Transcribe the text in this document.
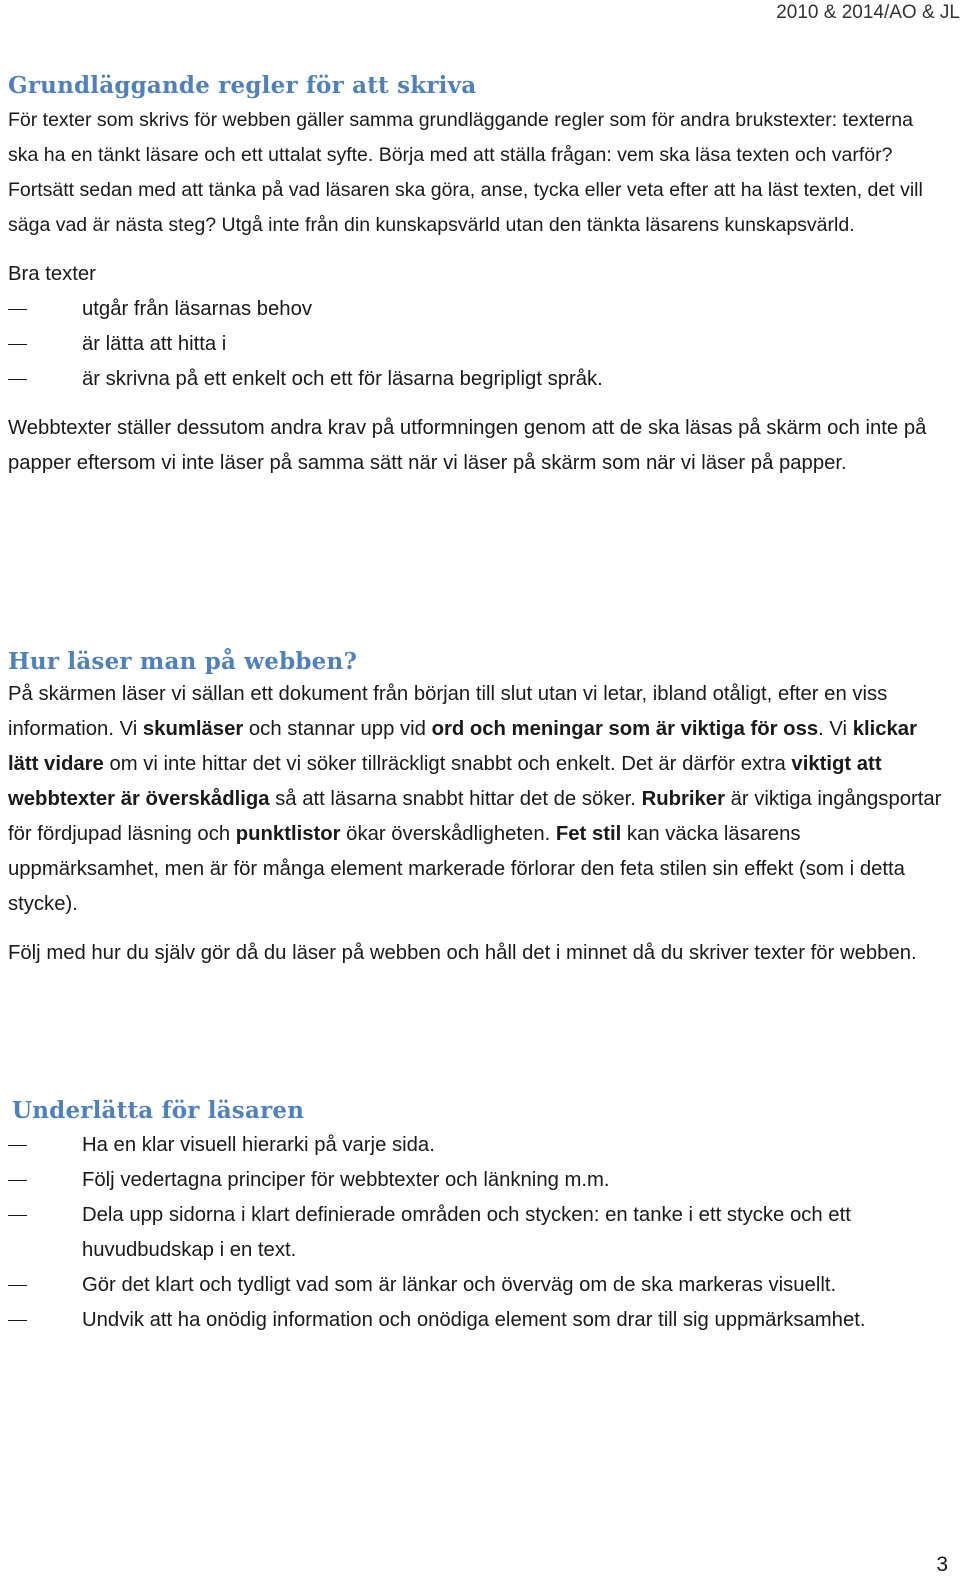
2010 & 2014/AO & JL
Grundläggande regler för att skriva

För texter som skrivs för webben gäller samma grundläggande regler som för andra brukstexter: texterna ska ha en tänkt läsare och ett uttalat syfte. Börja med att ställa frågan: vem ska läsa texten och varför? Fortsätt sedan med att tänka på vad läsaren ska göra, anse, tycka eller veta efter att ha läst texten, det vill säga vad är nästa steg? Utgå inte från din kunskapsvärld utan den tänkta läsarens kunskapsvärld.

Bra texter

utgår från läsarnas behov
är lätta att hitta i
är skrivna på ett enkelt och ett för läsarna begripligt språk.

Webbtexter ställer dessutom andra krav på utformningen genom att de ska läsas på skärm och inte på papper eftersom vi inte läser på samma sätt när vi läser på skärm som när vi läser på papper.

Hur läser man på webben?

På skärmen läser vi sällan ett dokument från början till slut utan vi letar, ibland otåligt, efter en viss information. Vi skumläser och stannar upp vid ord och meningar som är viktiga för oss. Vi klickar lätt vidare om vi inte hittar det vi söker tillräckligt snabbt och enkelt. Det är därför extra viktigt att webbtexter är överskådliga så att läsarna snabbt hittar det de söker. Rubriker är viktiga ingångsportar för fördjupad läsning och punktlistor ökar överskådligheten. Fet stil kan väcka läsarens uppmärksamhet, men är för många element markerade förlorar den feta stilen sin effekt (som i detta stycke).

Följ med hur du själv gör då du läser på webben och håll det i minnet då du skriver texter för webben.

Underlätta för läsaren
Ha en klar visuell hierarki på varje sida.
Följ vedertagna principer för webbtexter och länkning m.m.
Dela upp sidorna i klart definierade områden och stycken: en tanke i ett stycke och ett huvudbudskap i en text.
Gör det klart och tydligt vad som är länkar och överväg om de ska markeras visuellt.
Undvik att ha onödig information och onödiga element som drar till sig uppmärksamhet.
3
